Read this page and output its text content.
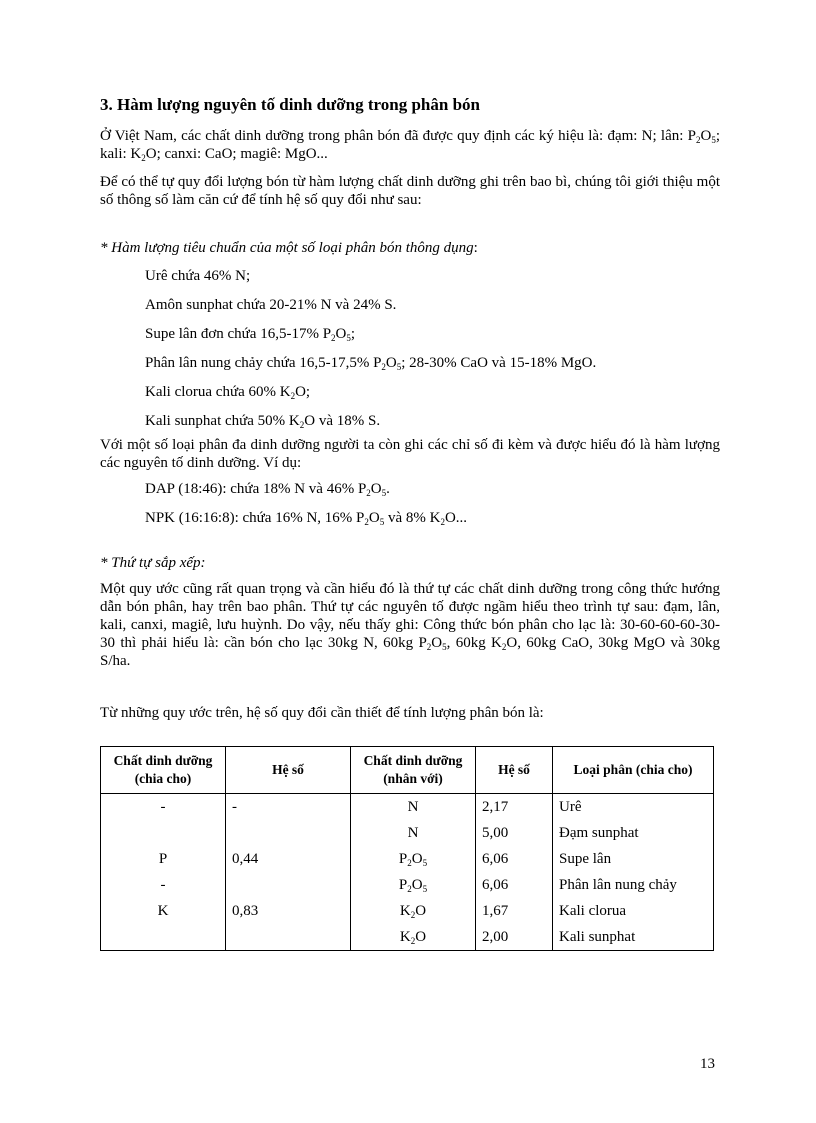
3. Hàm lượng nguyên tố dinh dưỡng trong phân bón

Ở Việt Nam, các chất dinh dưỡng trong phân bón đã được quy định các ký hiệu là: đạm: N; lân: $P_2O_5$; kali: $K_2O$; canxi: CaO; magiê: MgO...

Để có thể tự quy đổi lượng bón từ hàm lượng chất dinh dưỡng ghi trên bao bì, chúng tôi giới thiệu một số thông số làm căn cứ để tính hệ số quy đổi như sau:

* Hàm lượng tiêu chuẩn của một số loại phân bón thông dụng:

Urê chứa 46% N;
Amôn sunphat chứa 20-21% N và 24% S.
Supe lân đơn chứa 16,5-17% $P_2O_5$;
Phân lân nung chảy chứa 16,5-17,5% $P_2O_5$; 28-30% CaO và 15-18% MgO.
Kali clorua chứa 60% $K_2O$;
Kali sunphat chứa 50% $K_2O$ và 18% S.

Với một số loại phân đa dinh dưỡng người ta còn ghi các chỉ số đi kèm và được hiểu đó là hàm lượng các nguyên tố dinh dưỡng. Ví dụ:

DAP (18:46): chứa 18% N và 46% $P_2O_5$.
NPK (16:16:8): chứa 16% N, 16% $P_2O_5$ và 8% $K_2O$...

* Thứ tự sắp xếp:

Một quy ước cũng rất quan trọng và cần hiểu đó là thứ tự các chất dinh dưỡng trong công thức hướng dẫn bón phân, hay trên bao phân. Thứ tự các nguyên tố được ngầm hiểu theo trình tự sau: đạm, lân, kali, canxi, magiê, lưu huỳnh. Do vậy, nếu thấy ghi: Công thức bón phân cho lạc là: 30-60-60-60-30-30 thì phải hiểu là: cần bón cho lạc 30kg N, 60kg $P_2O_5$, 60kg $K_2O$, 60kg CaO, 30kg MgO và 30kg S/ha.

Từ những quy ước trên, hệ số quy đổi cần thiết để tính lượng phân bón là:

Chất dinh dưỡng (chia cho)	Hệ số	Chất dinh dưỡng (nhân với)	Hệ số	Loại phân (chia cho)
-	-	N	2,17	Urê
		N	5,00	Đạm sunphat
P	0,44	$P_2O_5$	6,06	Supe lân
-		$P_2O_5$	6,06	Phân lân nung chảy
K	0,83	$K_2O$	1,67	Kali clorua
		$K_2O$	2,00	Kali sunphat
13
